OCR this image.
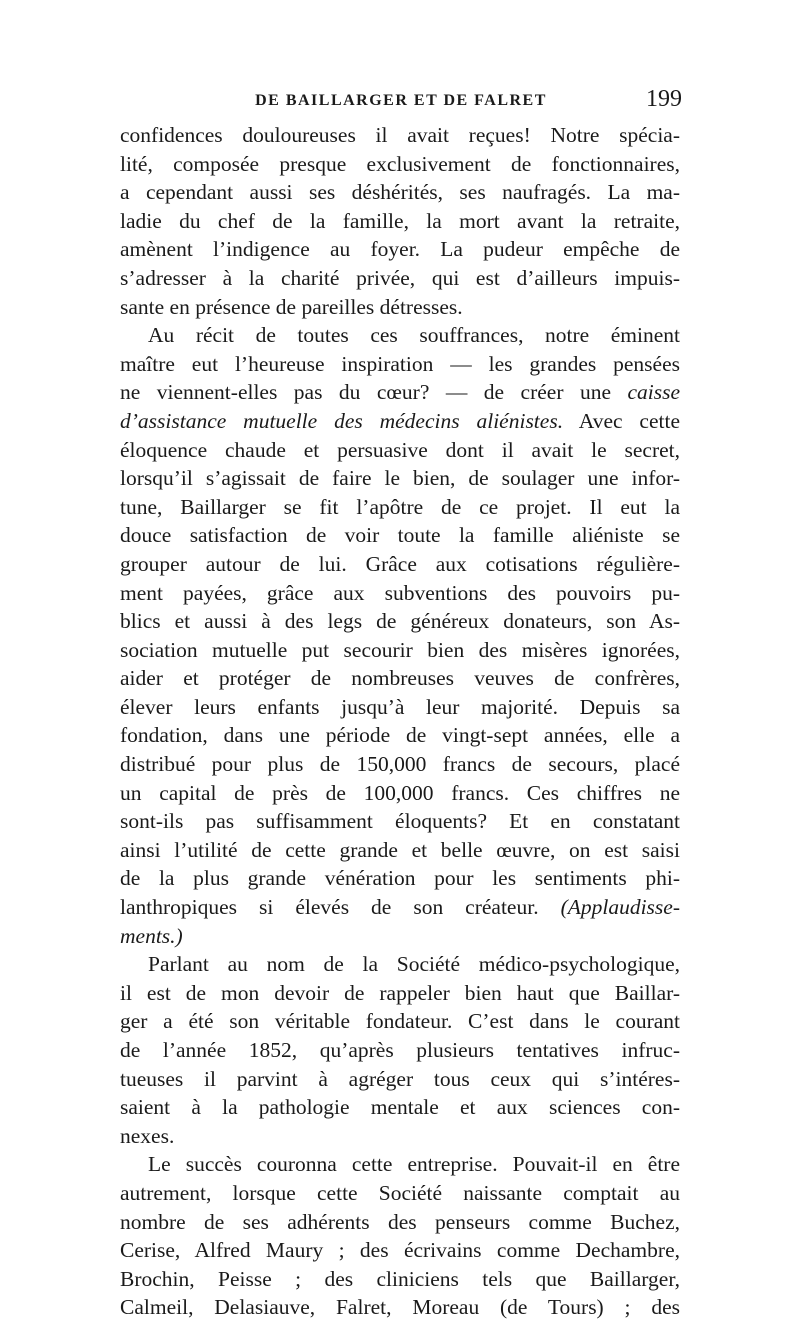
DE BAILLARGER ET DE FALRET	199
confidences douloureuses il avait reçues! Notre spécia-
lité, composée presque exclusivement de fonctionnaires,
a cependant aussi ses déshérités, ses naufragés. La ma-
ladie du chef de la famille, la mort avant la retraite,
amènent l’indigence au foyer. La pudeur empêche de
s’adresser à la charité privée, qui est d’ailleurs impuis-
sante en présence de pareilles détresses.
Au récit de toutes ces souffrances, notre éminent
maître eut l’heureuse inspiration — les grandes pensées
ne viennent-elles pas du cœur? — de créer une caisse
d’assistance mutuelle des médecins aliénistes. Avec cette
éloquence chaude et persuasive dont il avait le secret,
lorsqu’il s’agissait de faire le bien, de soulager une infor-
tune, Baillarger se fit l’apôtre de ce projet. Il eut la
douce satisfaction de voir toute la famille aliéniste se
grouper autour de lui. Grâce aux cotisations régulière-
ment payées, grâce aux subventions des pouvoirs pu-
blics et aussi à des legs de généreux donateurs, son As-
sociation mutuelle put secourir bien des misères ignorées,
aider et protéger de nombreuses veuves de confrères,
élever leurs enfants jusqu’à leur majorité. Depuis sa
fondation, dans une période de vingt-sept années, elle a
distribué pour plus de 150,000 francs de secours, placé
un capital de près de 100,000 francs. Ces chiffres ne
sont-ils pas suffisamment éloquents? Et en constatant
ainsi l’utilité de cette grande et belle œuvre, on est saisi
de la plus grande vénération pour les sentiments phi-
lanthropiques si élevés de son créateur. (Applaudisse-
ments.)
Parlant au nom de la Société médico-psychologique,
il est de mon devoir de rappeler bien haut que Baillar-
ger a été son véritable fondateur. C’est dans le courant
de l’année 1852, qu’après plusieurs tentatives infruc-
tueuses il parvint à agréger tous ceux qui s’intéres-
saient à la pathologie mentale et aux sciences con-
nexes.
Le succès couronna cette entreprise. Pouvait-il en être
autrement, lorsque cette Société naissante comptait au
nombre de ses adhérents des penseurs comme Buchez,
Cerise, Alfred Maury ; des écrivains comme Dechambre,
Brochin, Peisse ; des cliniciens tels que Baillarger,
Calmeil, Delasiauve, Falret, Moreau (de Tours) ; des
